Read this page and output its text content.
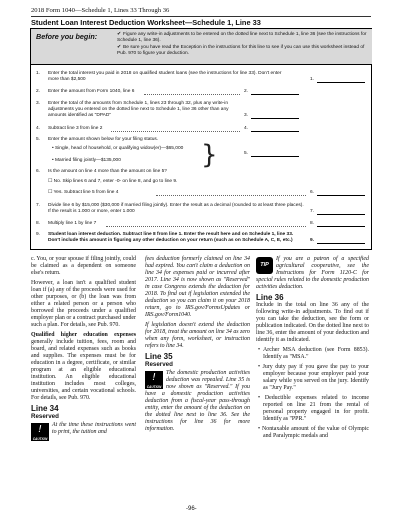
2018 Form 1040—Schedule 1, Lines 33 Through 36
Student Loan Interest Deduction Worksheet—Schedule 1, Line 33
Before you begin:	✔ Figure any write-in adjustments to be entered on the dotted line next to Schedule 1, line 36 (see the instructions for Schedule 1, line 36).
✔ Be sure you have read the Exception in the instructions for this line to see if you can use this worksheet instead of Pub. 970 to figure your deduction.
1. Enter the total interest you paid in 2018 on qualified student loans (see the instructions for line 33). Don't enter more than $2,500	1.
2. Enter the amount from Form 1040, line 6	2.
3. Enter the total of the amounts from Schedule 1, lines 23 through 32, plus any write-in adjustments you entered on the dotted line next to Schedule 1, line 36 other than any amounts identified as "DPAD"	3.
4. Subtract line 3 from line 2	4.
5. Enter the amount shown below for your filing status.
• Single, head of household, or qualifying widow(er)—$65,000
• Married filing jointly—$135,000
5.
}
6. Is the amount on line 4 more than the amount on line 5?
☐ No. Skip lines 6 and 7, enter -0- on line 8, and go to line 9.
☐ Yes. Subtract line 5 from line 4	6.
7. Divide line 6 by $15,000 ($30,000 if married filing jointly). Enter the result as a decimal (rounded to at least three places). If the result is 1.000 or more, enter 1.000	7.
8. Multiply line 1 by line 7	8.
9. Student loan interest deduction. Subtract line 8 from line 1. Enter the result here and on Schedule 1, line 33. Don't include this amount in figuring any other deduction on your return (such as on Schedule A, C, E, etc.)	9.

c. You, or your spouse if filing jointly, could be claimed as a dependent on someone else's return.

However, a loan isn't a qualified student loan if (a) any of the proceeds were used for other purposes, or (b) the loan was from either a related person or a person who borrowed the proceeds under a qualified employer plan or a contract purchased under such a plan. For details, see Pub. 970.

Qualified higher education expenses generally include tuition, fees, room and board, and related expenses such as books and supplies. The expenses must be for education in a degree, certificate, or similar program at an eligible educational institution. An eligible educational institution includes most colleges, universities, and certain vocational schools. For details, see Pub. 970.

Line 34
Reserved

!
CAUTION
At the time these instructions went to print, the tuition and

fees deduction formerly claimed on line 34 had expired. You can't claim a deduction on line 34 for expenses paid or incurred after 2017. Line 34 is now shown as "Reserved" in case Congress extends the deduction for 2018. To find out if legislation extended the deduction so you can claim it on your 2018 return, go to IRS.gov/FormsUpdates or IRS.gov/Form1040.

If legislation doesn't extend the deduction for 2018, treat the amount on line 34 as zero when any form, worksheet, or instruction refers to line 34.

Line 35
Reserved

!
CAUTION
The domestic production activities deduction was repealed. Line 35 is now shown as "Reserved." If you have a domestic production activities deduction from a fiscal-year pass-through entity, enter the amount of the deduction on the dotted line next to line 36. See the instructions for line 36 for more information.

TIP
If you are a patron of a specified agricultural cooperative, see the Instructions for Form 1120-C for special rules related to the domestic production activities deduction.

Line 36

Include in the total on line 36 any of the following write-in adjustments. To find out if you can take the deduction, see the form or publication indicated. On the dotted line next to line 36, enter the amount of your deduction and identify it as indicated.

• Archer MSA deduction (see Form 8853). Identify as "MSA."

• Jury duty pay if you gave the pay to your employer because your employer paid your salary while you served on the jury. Identify as "Jury Pay."

• Deductible expenses related to income reported on line 21 from the rental of personal property engaged in for profit. Identify as "PPR."

• Nontaxable amount of the value of Olympic and Paralympic medals and

-96-
